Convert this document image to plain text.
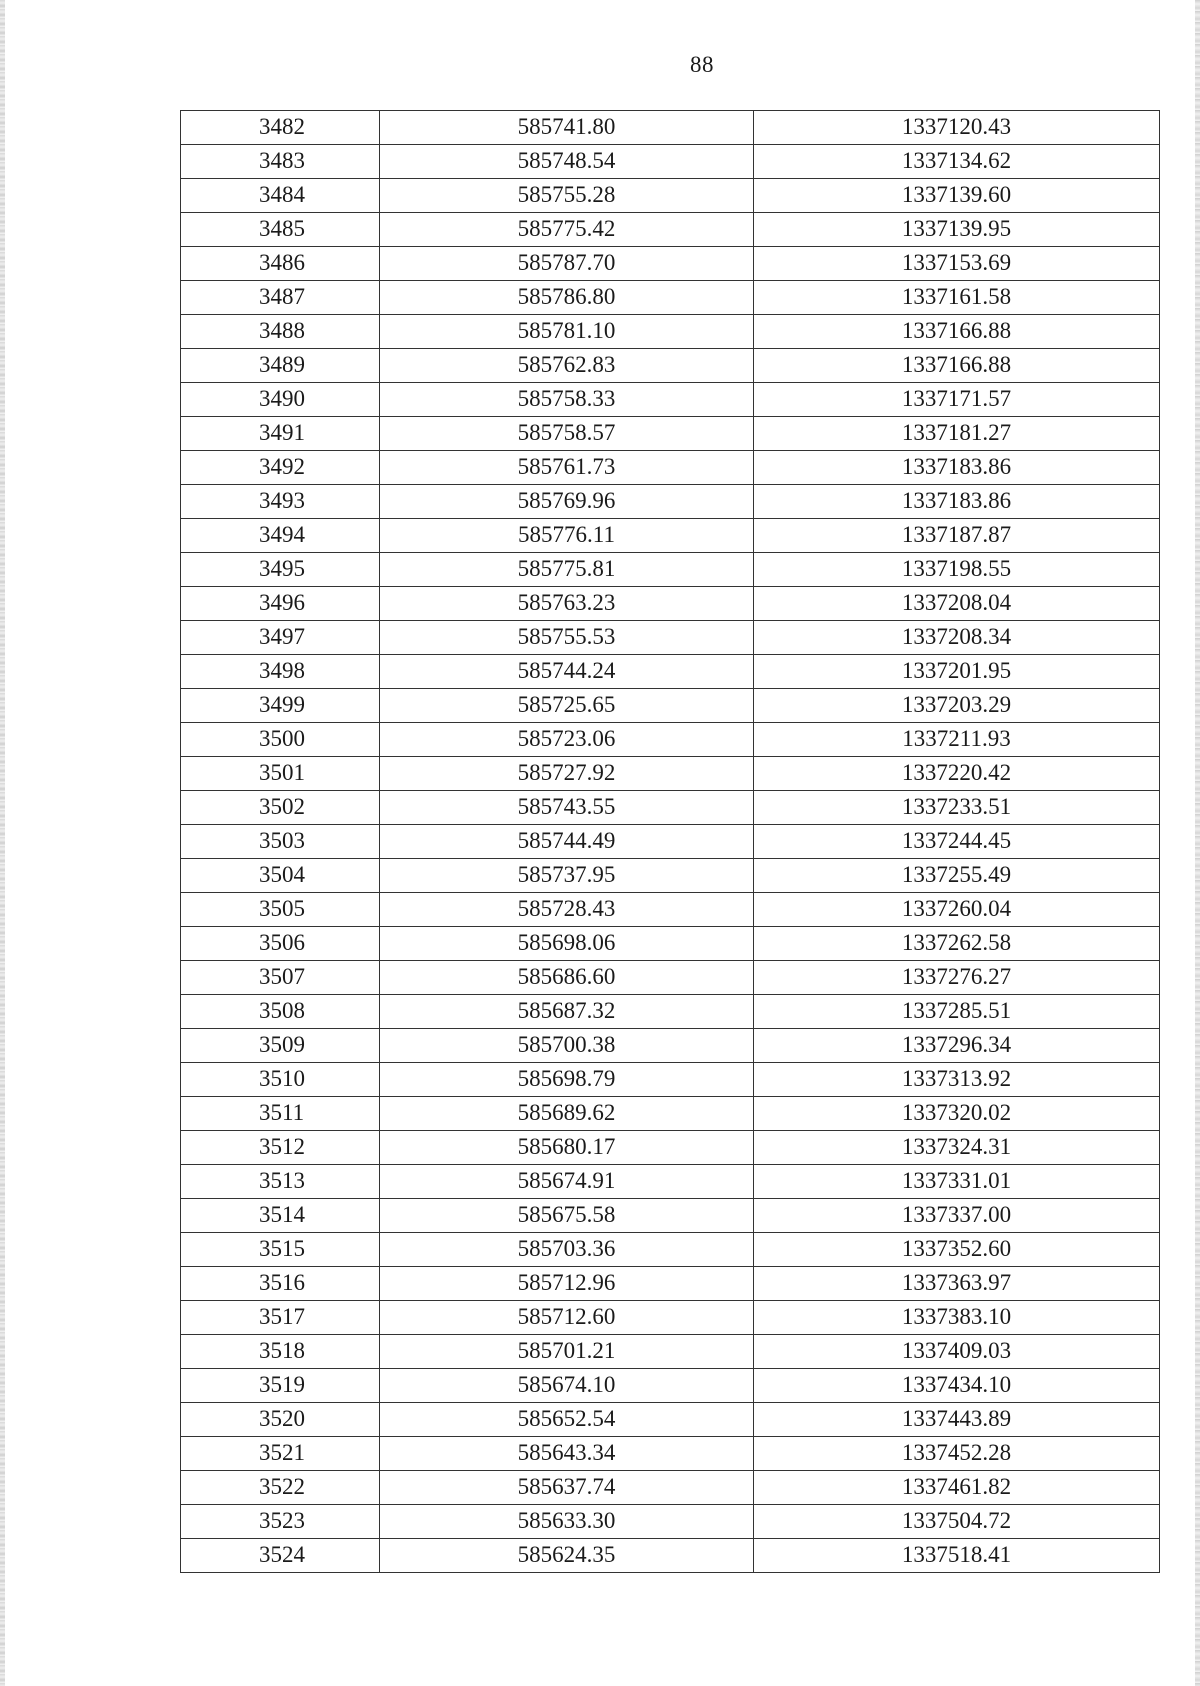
88
3482	585741.80	1337120.43
3483	585748.54	1337134.62
3484	585755.28	1337139.60
3485	585775.42	1337139.95
3486	585787.70	1337153.69
3487	585786.80	1337161.58
3488	585781.10	1337166.88
3489	585762.83	1337166.88
3490	585758.33	1337171.57
3491	585758.57	1337181.27
3492	585761.73	1337183.86
3493	585769.96	1337183.86
3494	585776.11	1337187.87
3495	585775.81	1337198.55
3496	585763.23	1337208.04
3497	585755.53	1337208.34
3498	585744.24	1337201.95
3499	585725.65	1337203.29
3500	585723.06	1337211.93
3501	585727.92	1337220.42
3502	585743.55	1337233.51
3503	585744.49	1337244.45
3504	585737.95	1337255.49
3505	585728.43	1337260.04
3506	585698.06	1337262.58
3507	585686.60	1337276.27
3508	585687.32	1337285.51
3509	585700.38	1337296.34
3510	585698.79	1337313.92
3511	585689.62	1337320.02
3512	585680.17	1337324.31
3513	585674.91	1337331.01
3514	585675.58	1337337.00
3515	585703.36	1337352.60
3516	585712.96	1337363.97
3517	585712.60	1337383.10
3518	585701.21	1337409.03
3519	585674.10	1337434.10
3520	585652.54	1337443.89
3521	585643.34	1337452.28
3522	585637.74	1337461.82
3523	585633.30	1337504.72
3524	585624.35	1337518.41
